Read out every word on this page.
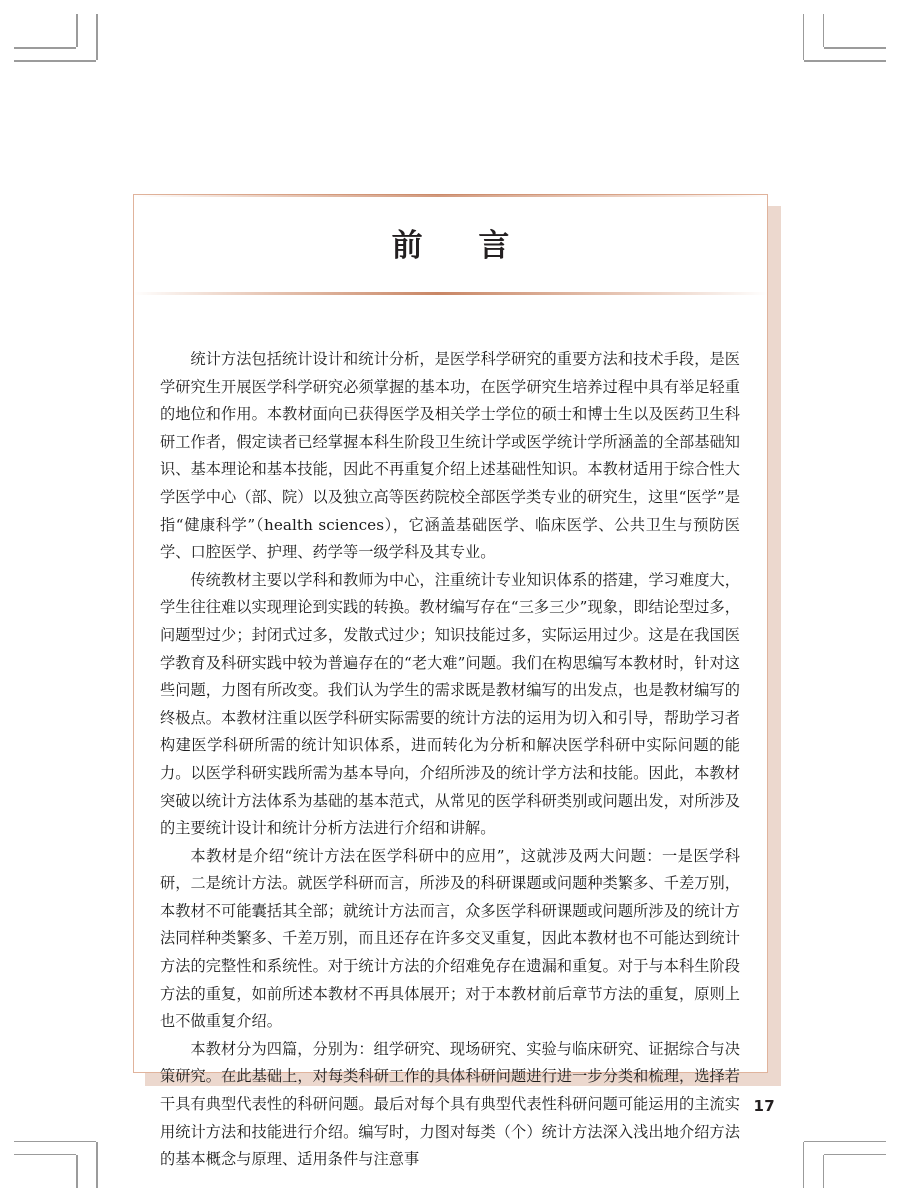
前　言

统计方法包括统计设计和统计分析，是医学科学研究的重要方法和技术手段，是医学研究生开展医学科学研究必须掌握的基本功，在医学研究生培养过程中具有举足轻重的地位和作用。本教材面向已获得医学及相关学士学位的硕士和博士生以及医药卫生科研工作者，假定读者已经掌握本科生阶段卫生统计学或医学统计学所涵盖的全部基础知识、基本理论和基本技能，因此不再重复介绍上述基础性知识。本教材适用于综合性大学医学中心（部、院）以及独立高等医药院校全部医学类专业的研究生，这里“医学”是指“健康科学”（health sciences），它涵盖基础医学、临床医学、公共卫生与预防医学、口腔医学、护理、药学等一级学科及其专业。

传统教材主要以学科和教师为中心，注重统计专业知识体系的搭建，学习难度大，学生往往难以实现理论到实践的转换。教材编写存在“三多三少”现象，即结论型过多，问题型过少；封闭式过多，发散式过少；知识技能过多，实际运用过少。这是在我国医学教育及科研实践中较为普遍存在的“老大难”问题。我们在构思编写本教材时，针对这些问题，力图有所改变。我们认为学生的需求既是教材编写的出发点，也是教材编写的终极点。本教材注重以医学科研实际需要的统计方法的运用为切入和引导，帮助学习者构建医学科研所需的统计知识体系，进而转化为分析和解决医学科研中实际问题的能力。以医学科研实践所需为基本导向，介绍所涉及的统计学方法和技能。因此，本教材突破以统计方法体系为基础的基本范式，从常见的医学科研类别或问题出发，对所涉及的主要统计设计和统计分析方法进行介绍和讲解。

本教材是介绍“统计方法在医学科研中的应用”，这就涉及两大问题：一是医学科研，二是统计方法。就医学科研而言，所涉及的科研课题或问题种类繁多、千差万别，本教材不可能囊括其全部；就统计方法而言，众多医学科研课题或问题所涉及的统计方法同样种类繁多、千差万别，而且还存在许多交叉重复，因此本教材也不可能达到统计方法的完整性和系统性。对于统计方法的介绍难免存在遗漏和重复。对于与本科生阶段方法的重复，如前所述本教材不再具体展开；对于本教材前后章节方法的重复，原则上也不做重复介绍。

本教材分为四篇，分别为：组学研究、现场研究、实验与临床研究、证据综合与决策研究。在此基础上，对每类科研工作的具体科研问题进行进一步分类和梳理，选择若干具有典型代表性的科研问题。最后对每个具有典型代表性科研问题可能运用的主流实用统计方法和技能进行介绍。编写时，力图对每类（个）统计方法深入浅出地介绍方法的基本概念与原理、适用条件与注意事

17
